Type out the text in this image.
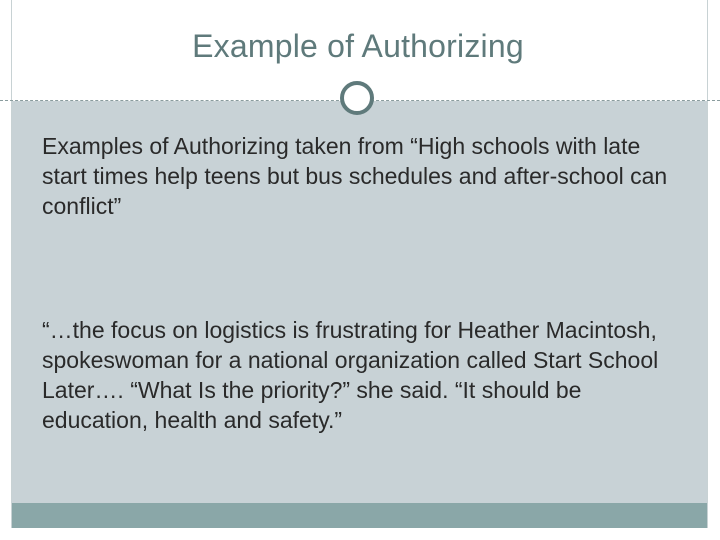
Example of Authorizing
Examples of Authorizing taken from “High schools with late start times help teens but bus schedules and after-school can conflict”
“…the focus on logistics is frustrating for Heather Macintosh, spokeswoman for a national organization called Start School Later…. “What Is the priority?” she said. “It should be education, health and safety.”
